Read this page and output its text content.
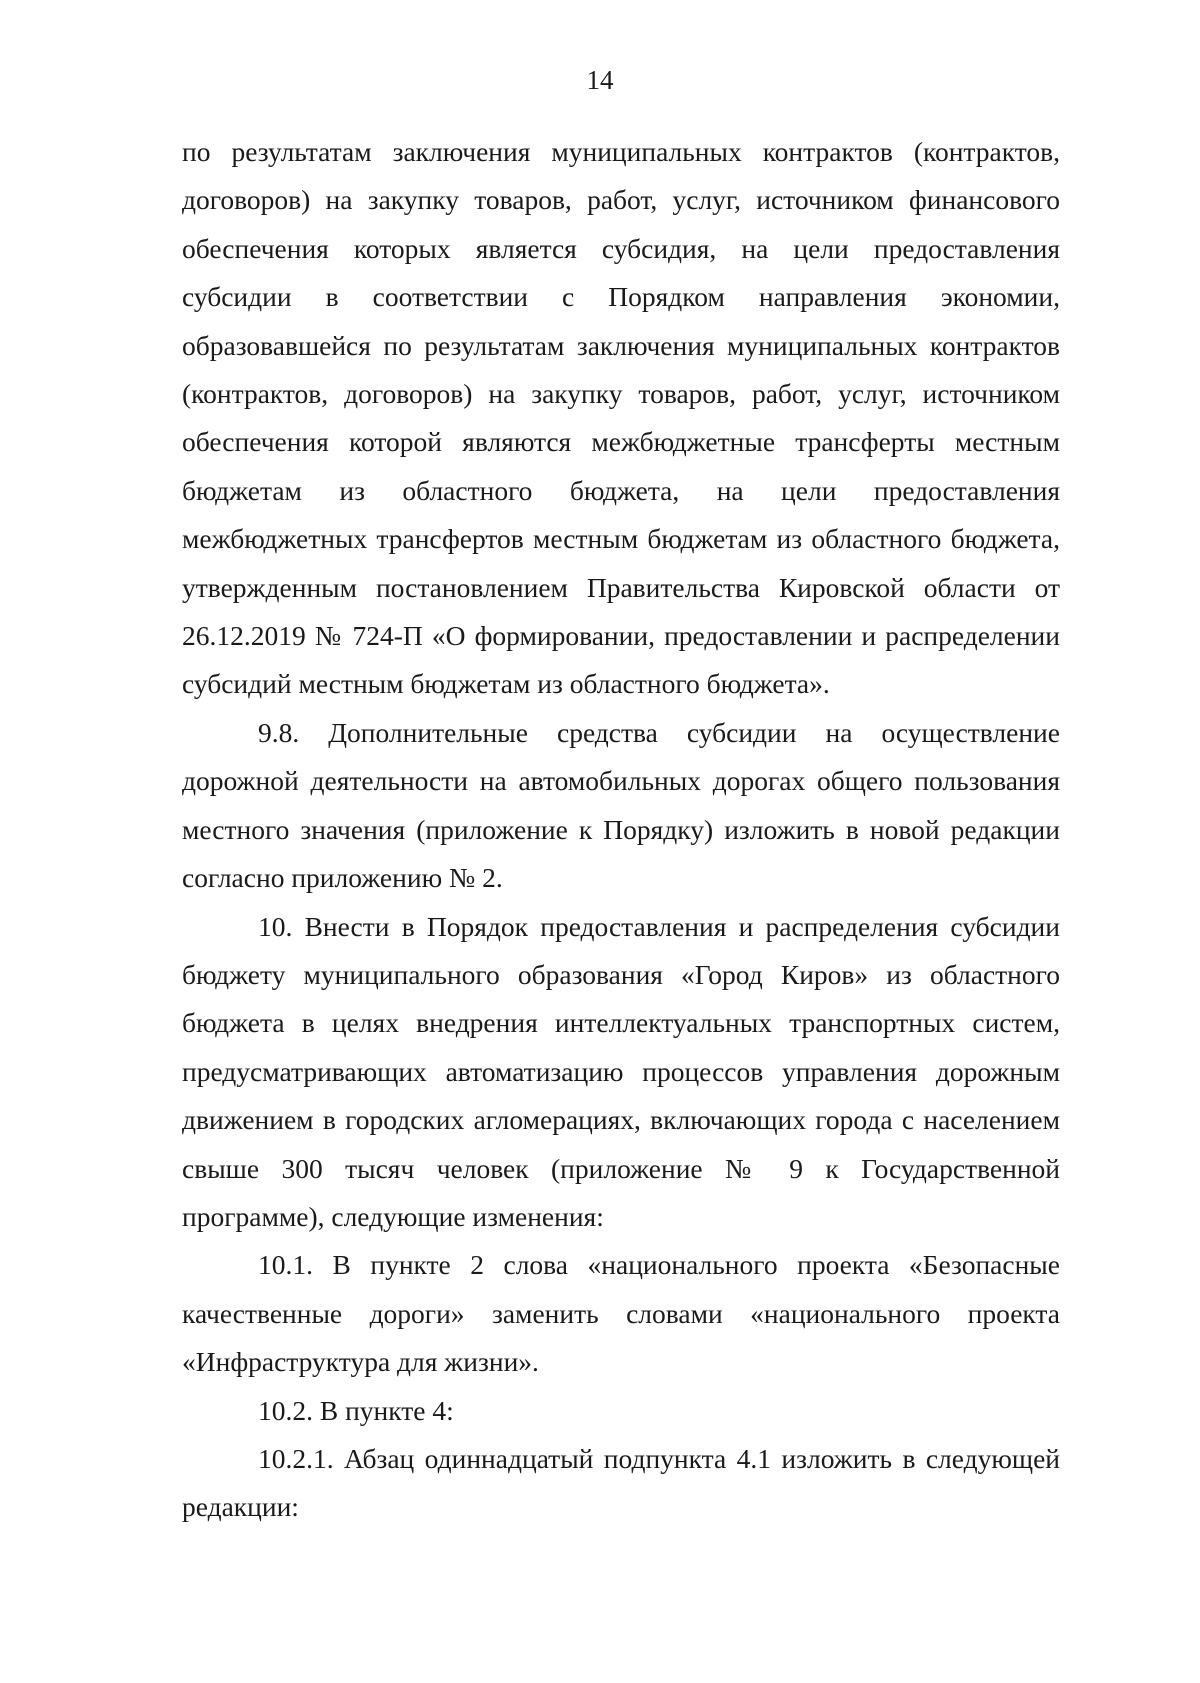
14

по результатам заключения муниципальных контрактов (контрактов, договоров) на закупку товаров, работ, услуг, источником финансового обеспечения которых является субсидия, на цели предоставления субсидии в соответствии с Порядком направления экономии, образовавшейся по результатам заключения муниципальных контрактов (контрактов, договоров) на закупку товаров, работ, услуг, источником обеспечения которой являются межбюджетные трансферты местным бюджетам из областного бюджета, на цели предоставления межбюджетных трансфертов местным бюджетам из областного бюджета, утвержденным постановлением Правительства Кировской области от 26.12.2019 № 724-П «О формировании, предоставлении и распределении субсидий местным бюджетам из областного бюджета».

9.8. Дополнительные средства субсидии на осуществление дорожной деятельности на автомобильных дорогах общего пользования местного значения (приложение к Порядку) изложить в новой редакции согласно приложению № 2.

10. Внести в Порядок предоставления и распределения субсидии бюджету муниципального образования «Город Киров» из областного бюджета в целях внедрения интеллектуальных транспортных систем, предусматривающих автоматизацию процессов управления дорожным движением в городских агломерациях, включающих города с населением свыше 300 тысяч человек (приложение № 9 к Государственной программе), следующие изменения:

10.1. В пункте 2 слова «национального проекта «Безопасные качественные дороги» заменить словами «национального проекта «Инфраструктура для жизни».

10.2. В пункте 4:

10.2.1. Абзац одиннадцатый подпункта 4.1 изложить в следующей редакции:
